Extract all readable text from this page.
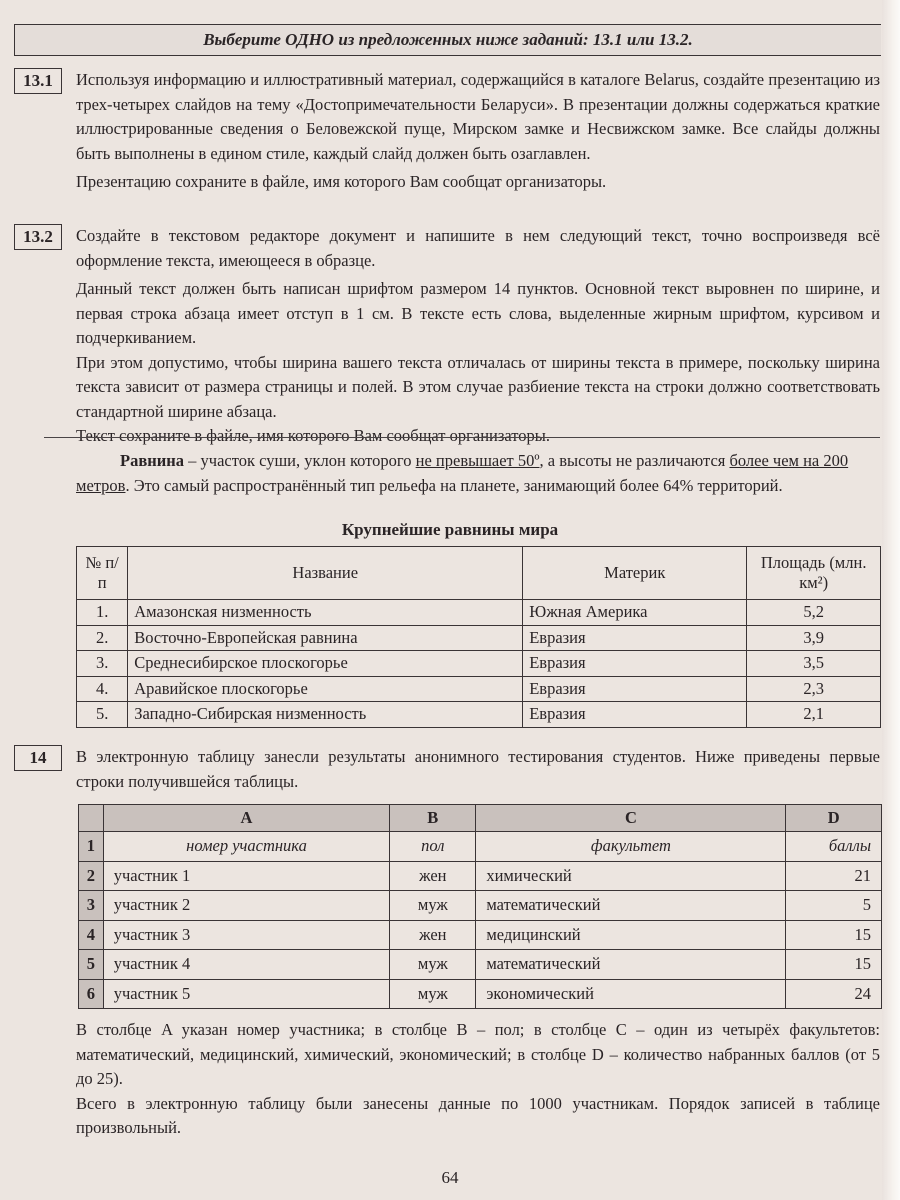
Выберите ОДНО из предложенных ниже заданий: 13.1 или 13.2.
13.1	Используя информацию и иллюстративный материал, содержащийся в каталоге Belarus, создайте презентацию из трех-четырех слайдов на тему «Достопримечательности Беларуси». В презентации должны содержаться краткие иллюстрированные сведения о Беловежской пуще, Мирском замке и Несвижском замке. Все слайды должны быть выполнены в едином стиле, каждый слайд должен быть озаглавлен.

Презентацию сохраните в файле, имя которого Вам сообщат организаторы.

13.2	Создайте в текстовом редакторе документ и напишите в нем следующий текст, точно воспроизведя всё оформление текста, имеющееся в образце.

Данный текст должен быть написан шрифтом размером 14 пунктов. Основной текст выровнен по ширине, и первая строка абзаца имеет отступ в 1 см. В тексте есть слова, выделенные жирным шрифтом, курсивом и подчеркиванием.

При этом допустимо, чтобы ширина вашего текста отличалась от ширины текста в примере, поскольку ширина текста зависит от размера страницы и полей. В этом случае разбиение текста на строки должно соответствовать стандартной ширине абзаца.

Текст сохраните в файле, имя которого Вам сообщат организаторы.

Равнина – участок суши, уклон которого не превышает 50º, а высоты не различаются более чем на 200 метров. Это самый распространённый тип рельефа на планете, занимающий более 64% территорий.
Крупнейшие равнины мира
№ п/п	Название	Материк	Площадь (млн. км²)
1.	Амазонская низменность	Южная Америка	5,2
2.	Восточно-Европейская равнина	Евразия	3,9
3.	Среднесибирское плоскогорье	Евразия	3,5
4.	Аравийское плоскогорье	Евразия	2,3
5.	Западно-Сибирская низменность	Евразия	2,1
14	В электронную таблицу занесли результаты анонимного тестирования студентов. Ниже приведены первые строки получившейся таблицы.
	A	B	C	D
1	номер участника	пол	факультет	баллы
2	участник 1	жен	химический	21
3	участник 2	муж	математический	5
4	участник 3	жен	медицинский	15
5	участник 4	муж	математический	15
6	участник 5	муж	экономический	24

В столбце A указан номер участника; в столбце B – пол; в столбце C – один из четырёх факультетов: математический, медицинский, химический, экономический; в столбце D – количество набранных баллов (от 5 до 25).

Всего в электронную таблицу были занесены данные по 1000 участникам. Порядок записей в таблице произвольный.

64
